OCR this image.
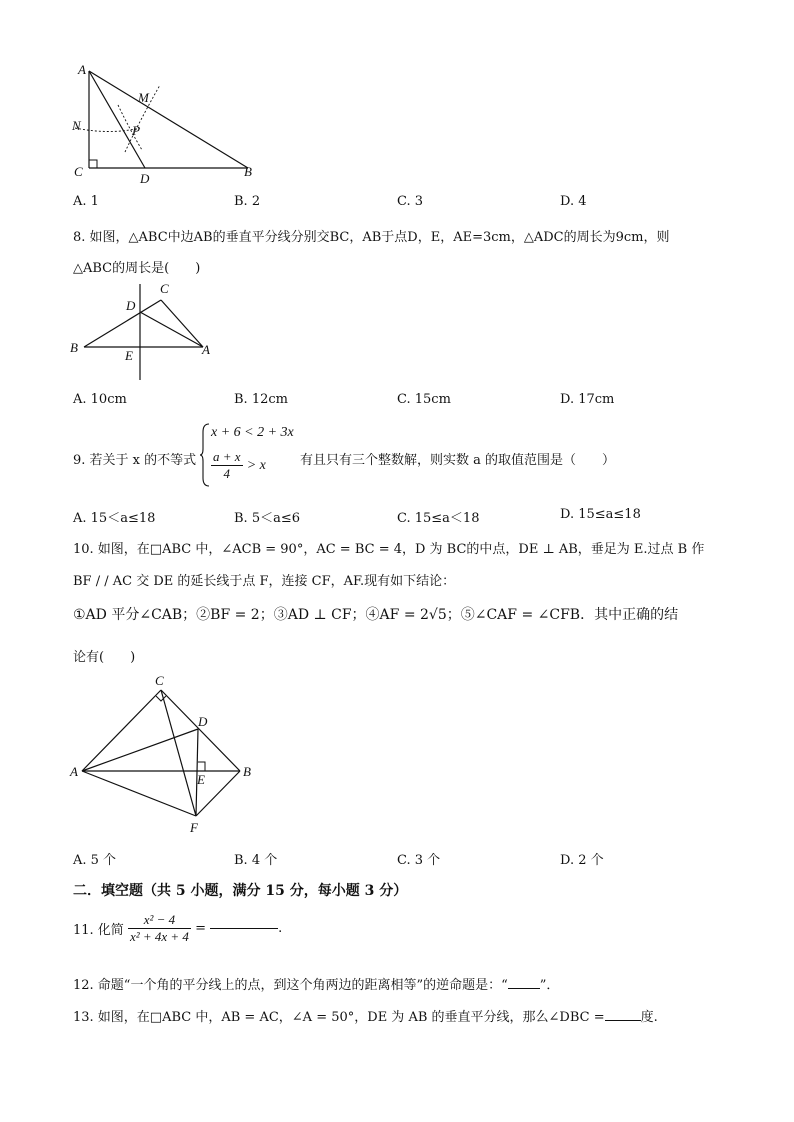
A
M
N	P
C	D	B
A. 1	B. 2	C. 3	D. 4
8. 如图，△ABC中边AB的垂直平分线分别交BC，AB于点D，E，AE=3cm，△ADC的周长为9cm，则
△ABC的周长是(　　)
C
D
B
E	A
A. 10cm	B. 12cm	C. 15cm	D. 17cm
9. 若关于 x 的不等式
x + 6 < 2 + 3x
$\frac{a + x}{4} > x$	有且只有三个整数解，则实数 a 的取值范围是（　　）
A. 15＜a≤18	B. 5＜a≤6	C. 15≤a＜18	D. 15≤a≤18
10. 如图，在□ABC 中，∠ACB = 90°，AC = BC = 4，D 为 BC的中点，DE ⊥ AB，垂足为 E.过点 B 作
BF / / AC 交 DE 的延长线于点 F，连接 CF，AF.现有如下结论：
①AD 平分∠CAB；②BF = 2；③AD ⊥ CF；④AF = 2√5；⑤∠CAF = ∠CFB．其中正确的结
论有(　　)
C
D
A
E
B
F
A. 5 个	B. 4 个	C. 3 个	D. 2 个
二．填空题（共 5 小题，满分 15 分，每小题 3 分）
11. 化简 $\frac{\text{x² − 4}}{\text{x² + 4x + 4}}$ =	.
12. 命题“一个角的平分线上的点，到这个角两边的距离相等”的逆命题是：“ ”．
13. 如图，在□ABC 中，AB = AC，∠A = 50°，DE 为 AB 的垂直平分线，那么∠DBC =	度.
